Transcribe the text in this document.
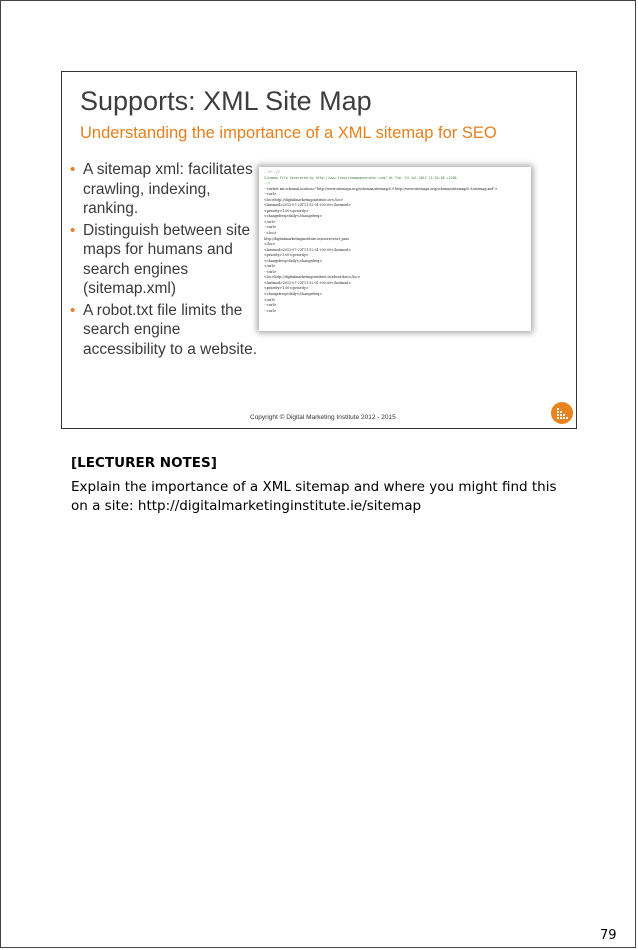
Supports: XML Site Map
Understanding the importance of a XML sitemap for SEO
• A sitemap xml: facilitates crawling, indexing, ranking.
• Distinguish between site maps for humans and search engines (sitemap.xml)
• A robot.txt file limits the search engine accessibility to a website.
- <!--//
Sitemap File Generated by http://www.freesitemapgenerator.com/ at Tue, 24 Jul 2012 11:52:00 +1200
-->
- <urlset xsi:schemaLocation="http://www.sitemaps.org/schemas/sitemap/0.9 http://www.sitemaps.org/schemas/sitemap/0.9/sitemap.xsd">
- <url>
<loc>http://digitalmarketinginstitute.ie/</loc>
<lastmod>2012-07-23T11:52:01+00:00</lastmod>
<priority>1.00</priority>
<changefreq>daily</changefreq>
</url>
- <url>
- <loc>
http://digitalmarketinginstitute.ie/users/reset_pass
</loc>
<lastmod>2012-07-23T11:52:01+00:00</lastmod>
<priority>1.00</priority>
<changefreq>daily</changefreq>
</url>
- <url>
<loc>http://digitalmarketinginstitute.ie/about-dmi</loc>
<lastmod>2012-07-23T11:52:01+00:00</lastmod>
<priority>1.00</priority>
<changefreq>daily</changefreq>
</url>
- <url>
- <url>
Copyright © Digital Marketing Institute 2012 - 2015
[LECTURER NOTES]

Explain the importance of a XML sitemap and where you might find this
on a site: http://digitalmarketinginstitute.ie/sitemap

79
